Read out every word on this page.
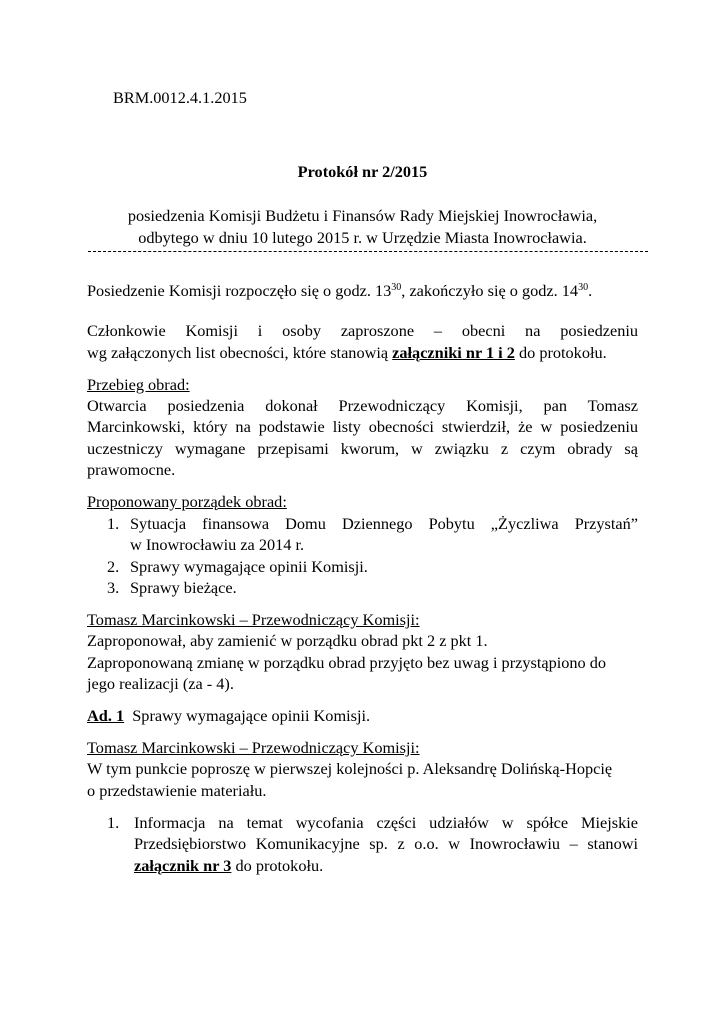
BRM.0012.4.1.2015
Protokół nr 2/2015
posiedzenia Komisji Budżetu i Finansów Rady Miejskiej Inowrocławia,
odbytego w dniu 10 lutego 2015 r. w Urzędzie Miasta Inowrocławia.
Posiedzenie Komisji rozpoczęło się o godz. $13^{30}$, zakończyło się o godz. $14^{30}$.
Członkowie Komisji i osoby zaproszone – obecni na posiedzeniu
wg załączonych list obecności, które stanowią załączniki nr 1 i 2 do protokołu.
Przebieg obrad:
Otwarcia posiedzenia dokonał Przewodniczący Komisji, pan Tomasz
Marcinkowski, który na podstawie listy obecności stwierdził, że w posiedzeniu
uczestniczy wymagane przepisami kworum, w związku z czym obrady są
prawomocne.
Proponowany porządek obrad:
1. Sytuacja finansowa Domu Dziennego Pobytu „Życzliwa Przystań”
w Inowrocławiu za 2014 r.
2. Sprawy wymagające opinii Komisji.
3. Sprawy bieżące.
Tomasz Marcinkowski – Przewodniczący Komisji:
Zaproponował, aby zamienić w porządku obrad pkt 2 z pkt 1.
Zaproponowaną zmianę w porządku obrad przyjęto bez uwag i przystąpiono do
jego realizacji (za - 4).
Ad. 1 Sprawy wymagające opinii Komisji.
Tomasz Marcinkowski – Przewodniczący Komisji:
W tym punkcie poproszę w pierwszej kolejności p. Aleksandrę Dolińską-Hopcię
o przedstawienie materiału.
1. Informacja na temat wycofania części udziałów w spółce Miejskie
Przedsiębiorstwo Komunikacyjne sp. z o.o. w Inowrocławiu – stanowi
załącznik nr 3 do protokołu.
